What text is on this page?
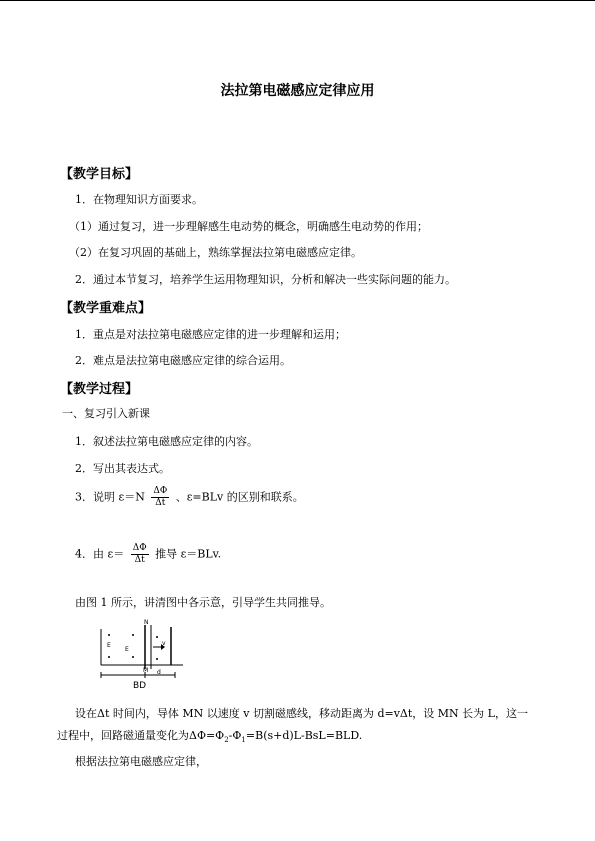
法拉第电磁感应定律应用
【教学目标】
1．在物理知识方面要求。
（1）通过复习，进一步理解感生电动势的概念，明确感生电动势的作用；
（2）在复习巩固的基础上，熟练掌握法拉第电磁感应定律。
2．通过本节复习，培养学生运用物理知识，分析和解决一些实际问题的能力。
【教学重难点】
1．重点是对法拉第电磁感应定律的进一步理解和运用；
2．难点是法拉第电磁感应定律的综合运用。
【教学过程】
一、复习引入新课
1．叙述法拉第电磁感应定律的内容。
2．写出其表达式。
3．说明 $\varepsilon=N \frac{\Delta\Phi}{\Delta t}$ 、ε=BLv 的区别和联系。
4．由 $\varepsilon= \frac{\Delta\Phi}{\Delta t}$ 推导 ε＝BLv.
由图 1 所示，讲清图中各示意，引导学生共同推导。
N
M
v
E
E
d
BD
设在Δt 时间内，导体 MN 以速度 v 切割磁感线，移动距离为 d=vΔt，设 MN 长为 L，这一
过程中，回路磁通量变化为$\Delta\Phi=\Phi_2-\Phi_1=B(s+d)L-BsL=BLD$.
根据法拉第电磁感应定律，
